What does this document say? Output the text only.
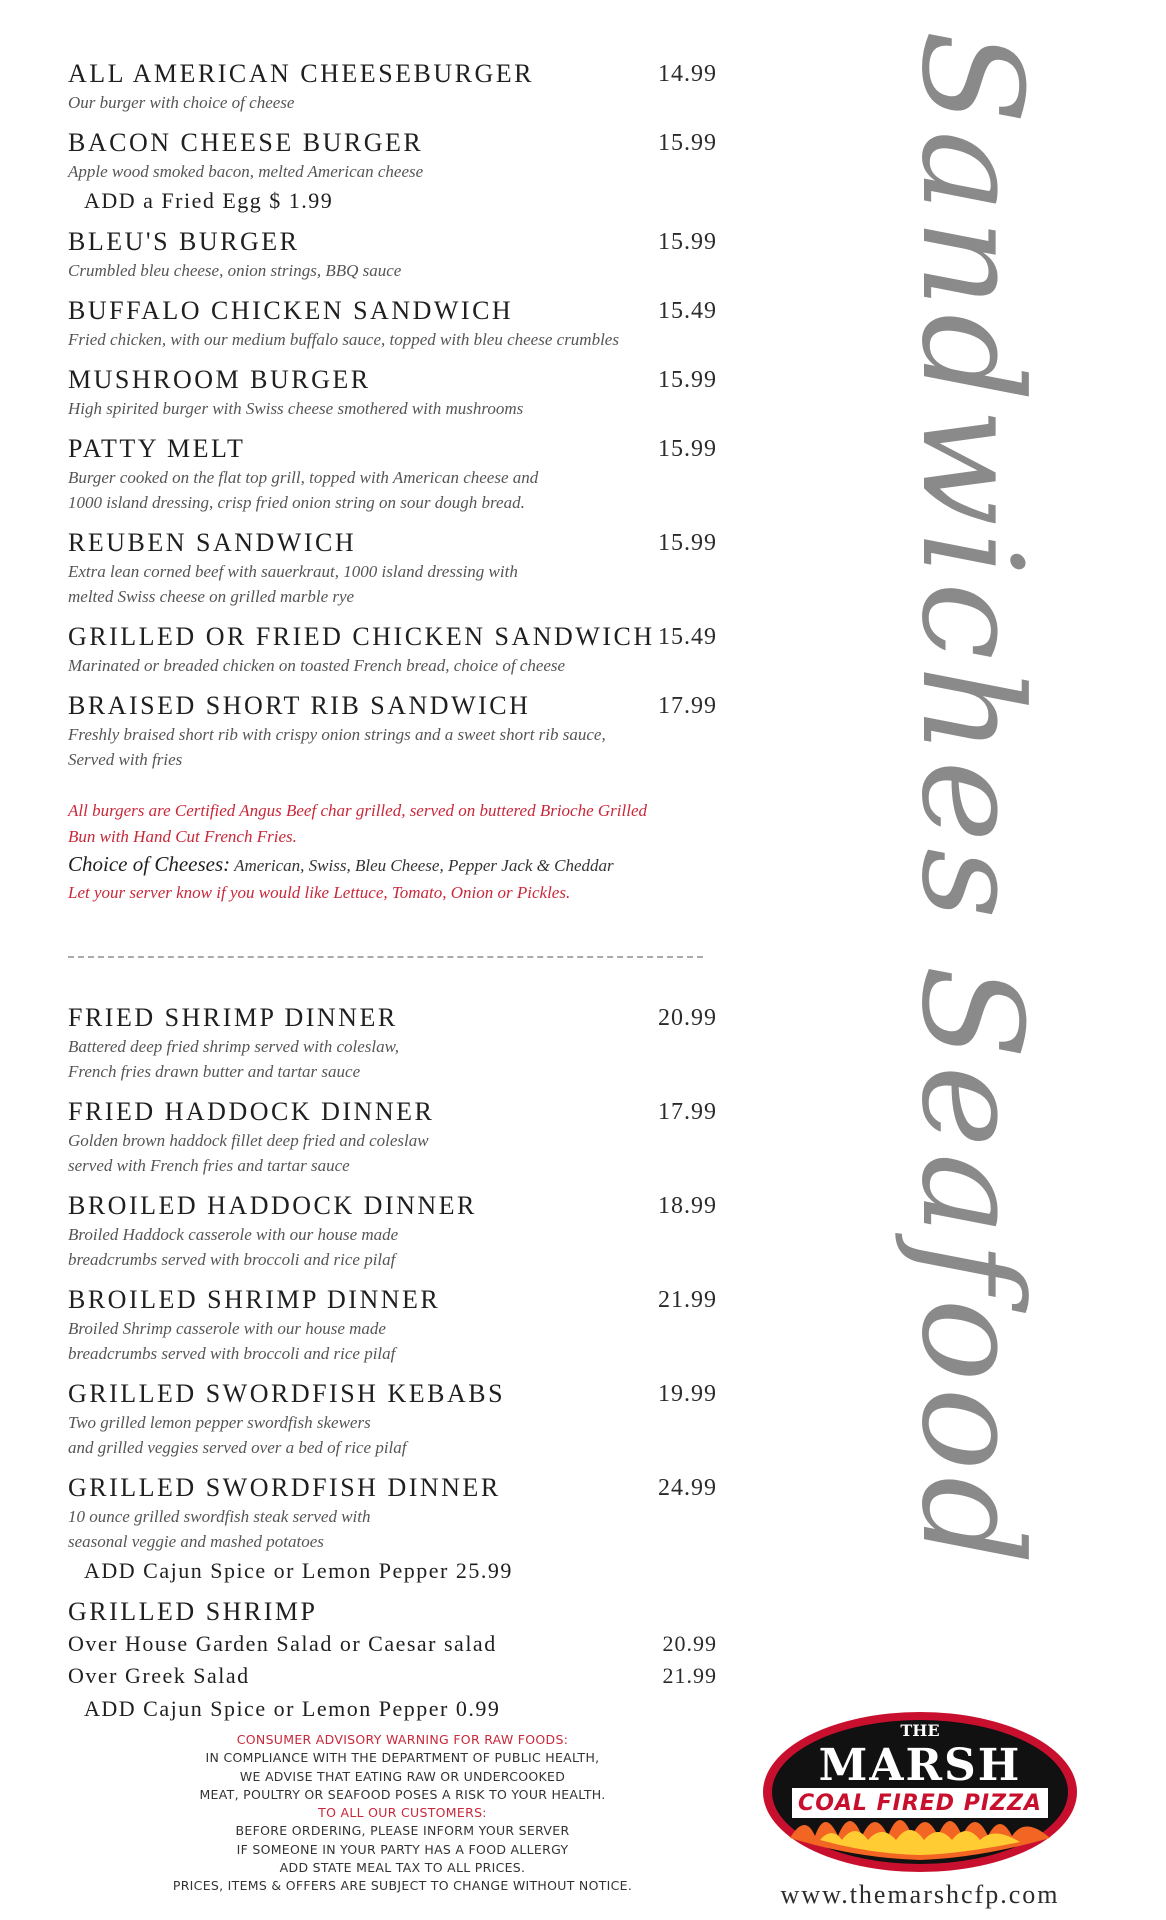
ALL AMERICAN CHEESEBURGER	14.99
Our burger with choice of cheese
BACON CHEESE BURGER	15.99
Apple wood smoked bacon, melted American cheese
ADD a Fried Egg $ 1.99
BLEU'S BURGER	15.99
Crumbled bleu cheese, onion strings, BBQ sauce
BUFFALO CHICKEN SANDWICH	15.49
Fried chicken, with our medium buffalo sauce, topped with bleu cheese crumbles
MUSHROOM BURGER	15.99
High spirited burger with Swiss cheese smothered with mushrooms
PATTY MELT	15.99
Burger cooked on the flat top grill, topped with American cheese and
1000 island dressing, crisp fried onion string on sour dough bread.
REUBEN SANDWICH	15.99
Extra lean corned beef with sauerkraut, 1000 island dressing with
melted Swiss cheese on grilled marble rye
GRILLED OR FRIED CHICKEN SANDWICH 15.49
Marinated or breaded chicken on toasted French bread, choice of cheese
BRAISED SHORT RIB SANDWICH	17.99
Freshly braised short rib with crispy onion strings and a sweet short rib sauce,
Served with fries
All burgers are Certified Angus Beef char grilled, served on buttered Brioche Grilled
Bun with Hand Cut French Fries.
Choice of Cheeses: American, Swiss, Bleu Cheese, Pepper Jack & Cheddar
Let your server know if you would like Lettuce, Tomato, Onion or Pickles.
FRIED SHRIMP DINNER	20.99
Battered deep fried shrimp served with coleslaw,
French fries drawn butter and tartar sauce
FRIED HADDOCK DINNER	17.99
Golden brown haddock fillet deep fried and coleslaw
served with French fries and tartar sauce
BROILED HADDOCK DINNER	18.99
Broiled Haddock casserole with our house made
breadcrumbs served with broccoli and rice pilaf
BROILED SHRIMP DINNER	21.99
Broiled Shrimp casserole with our house made
breadcrumbs served with broccoli and rice pilaf
GRILLED SWORDFISH KEBABS	19.99
Two grilled lemon pepper swordfish skewers
and grilled veggies served over a bed of rice pilaf
GRILLED SWORDFISH DINNER	24.99
10 ounce grilled swordfish steak served with
seasonal veggie and mashed potatoes
ADD Cajun Spice or Lemon Pepper 25.99
GRILLED SHRIMP
Over House Garden Salad or Caesar salad	20.99
Over Greek Salad	21.99
ADD Cajun Spice or Lemon Pepper 0.99
Sandwiches
Seafood
CONSUMER ADVISORY WARNING FOR RAW FOODS:
IN COMPLIANCE WITH THE DEPARTMENT OF PUBLIC HEALTH,
WE ADVISE THAT EATING RAW OR UNDERCOOKED
MEAT, POULTRY OR SEAFOOD POSES A RISK TO YOUR HEALTH.
TO ALL OUR CUSTOMERS:
BEFORE ORDERING, PLEASE INFORM YOUR SERVER
IF SOMEONE IN YOUR PARTY HAS A FOOD ALLERGY
ADD STATE MEAL TAX TO ALL PRICES.
PRICES, ITEMS & OFFERS ARE SUBJECT TO CHANGE WITHOUT NOTICE.
THE
MARSH
COAL FIRED PIZZA
www.themarshcfp.com
